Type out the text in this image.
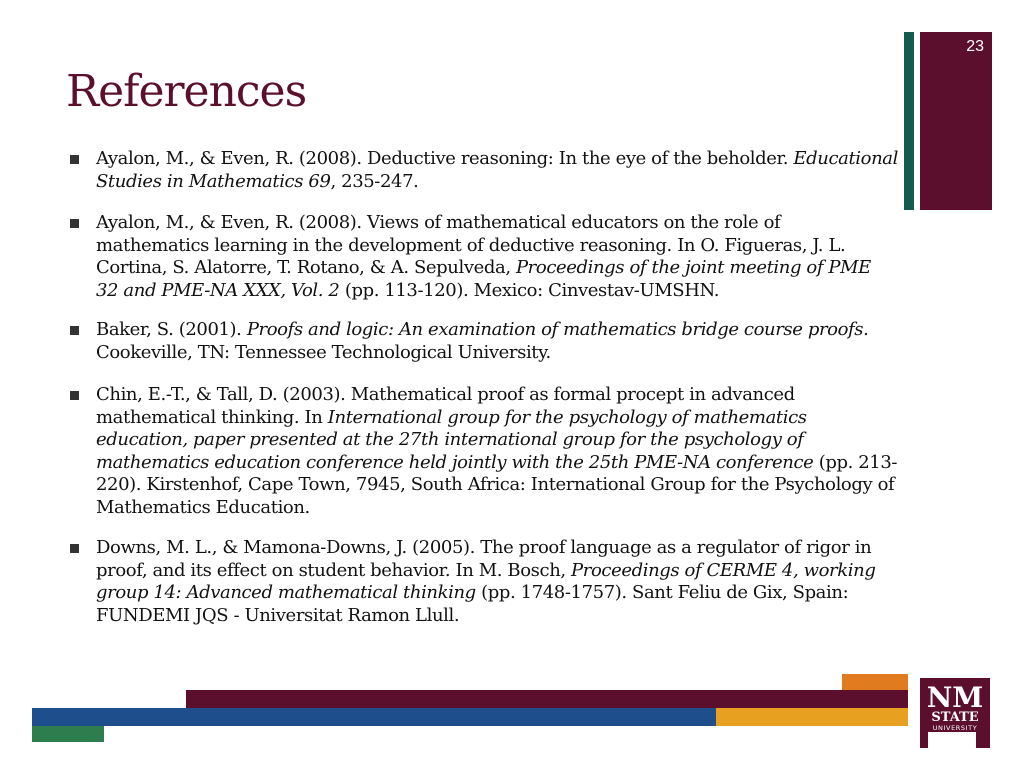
23
References
Ayalon, M., & Even, R. (2008). Deductive reasoning: In the eye of the beholder. Educational Studies in Mathematics 69, 235-247.
Ayalon, M., & Even, R. (2008). Views of mathematical educators on the role of mathematics learning in the development of deductive reasoning. In O. Figueras, J. L. Cortina, S. Alatorre, T. Rotano, & A. Sepulveda, Proceedings of the joint meeting of PME 32 and PME-NA XXX, Vol. 2 (pp. 113-120). Mexico: Cinvestav-UMSHN.
Baker, S. (2001). Proofs and logic: An examination of mathematics bridge course proofs. Cookeville, TN: Tennessee Technological University.
Chin, E.-T., & Tall, D. (2003). Mathematical proof as formal procept in advanced mathematical thinking. In International group for the psychology of mathematics education, paper presented at the 27th international group for the psychology of mathematics education conference held jointly with the 25th PME-NA conference (pp. 213-220). Kirstenhof, Cape Town, 7945, South Africa: International Group for the Psychology of Mathematics Education.
Downs, M. L., & Mamona-Downs, J. (2005). The proof language as a regulator of rigor in proof, and its effect on student behavior. In M. Bosch, Proceedings of CERME 4, working group 14: Advanced mathematical thinking (pp. 1748-1757). Sant Feliu de Gix, Spain: FUNDEMI JQS - Universitat Ramon Llull.
NM
STATE
UNIVERSITY
